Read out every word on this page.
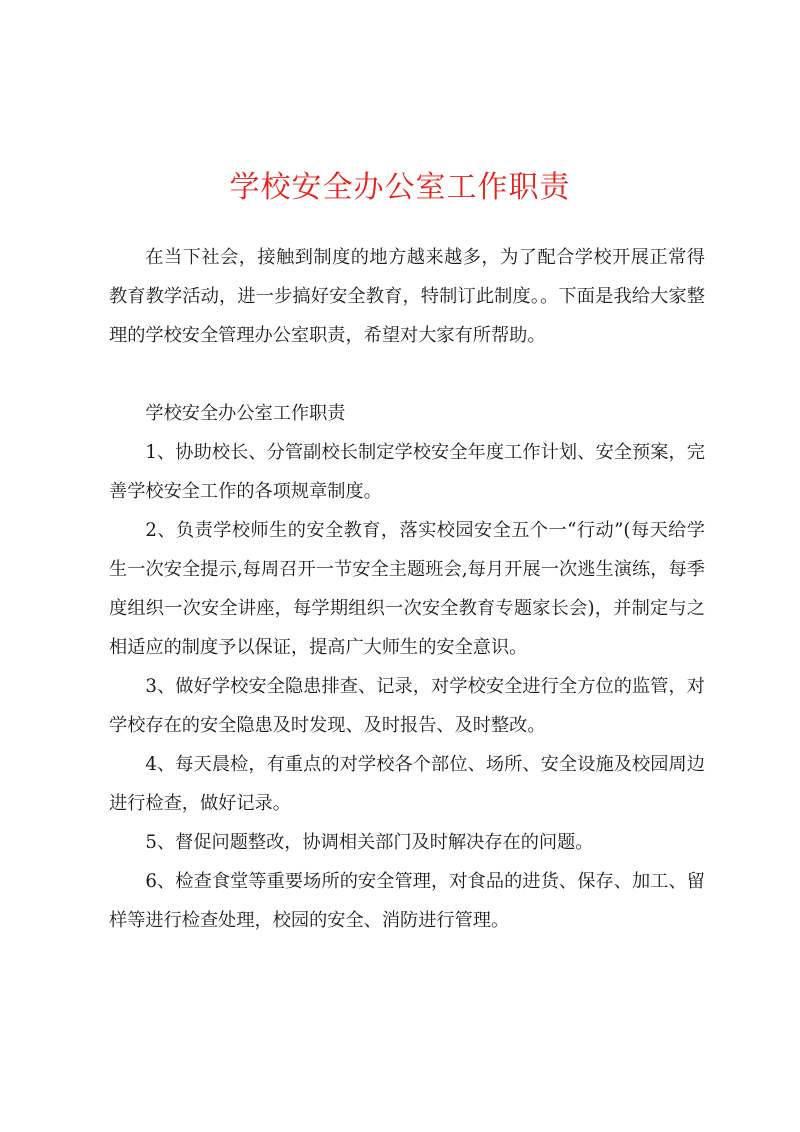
学校安全办公室工作职责

在当下社会，接触到制度的地方越来越多，为了配合学校开展正常得教育教学活动，进一步搞好安全教育，特制订此制度。。下面是我给大家整理的学校安全管理办公室职责，希望对大家有所帮助。

学校安全办公室工作职责

1、协助校长、分管副校长制定学校安全年度工作计划、安全预案，完善学校安全工作的各项规章制度。

2、负责学校师生的安全教育，落实校园安全五个一“行动”(每天给学生一次安全提示,每周召开一节安全主题班会,每月开展一次逃生演练，每季度组织一次安全讲座，每学期组织一次安全教育专题家长会)，并制定与之相适应的制度予以保证，提高广大师生的安全意识。

3、做好学校安全隐患排查、记录，对学校安全进行全方位的监管，对学校存在的安全隐患及时发现、及时报告、及时整改。

4、每天晨检，有重点的对学校各个部位、场所、安全设施及校园周边进行检查，做好记录。

5、督促问题整改，协调相关部门及时解决存在的问题。

6、检查食堂等重要场所的安全管理，对食品的进货、保存、加工、留样等进行检查处理，校园的安全、消防进行管理。
